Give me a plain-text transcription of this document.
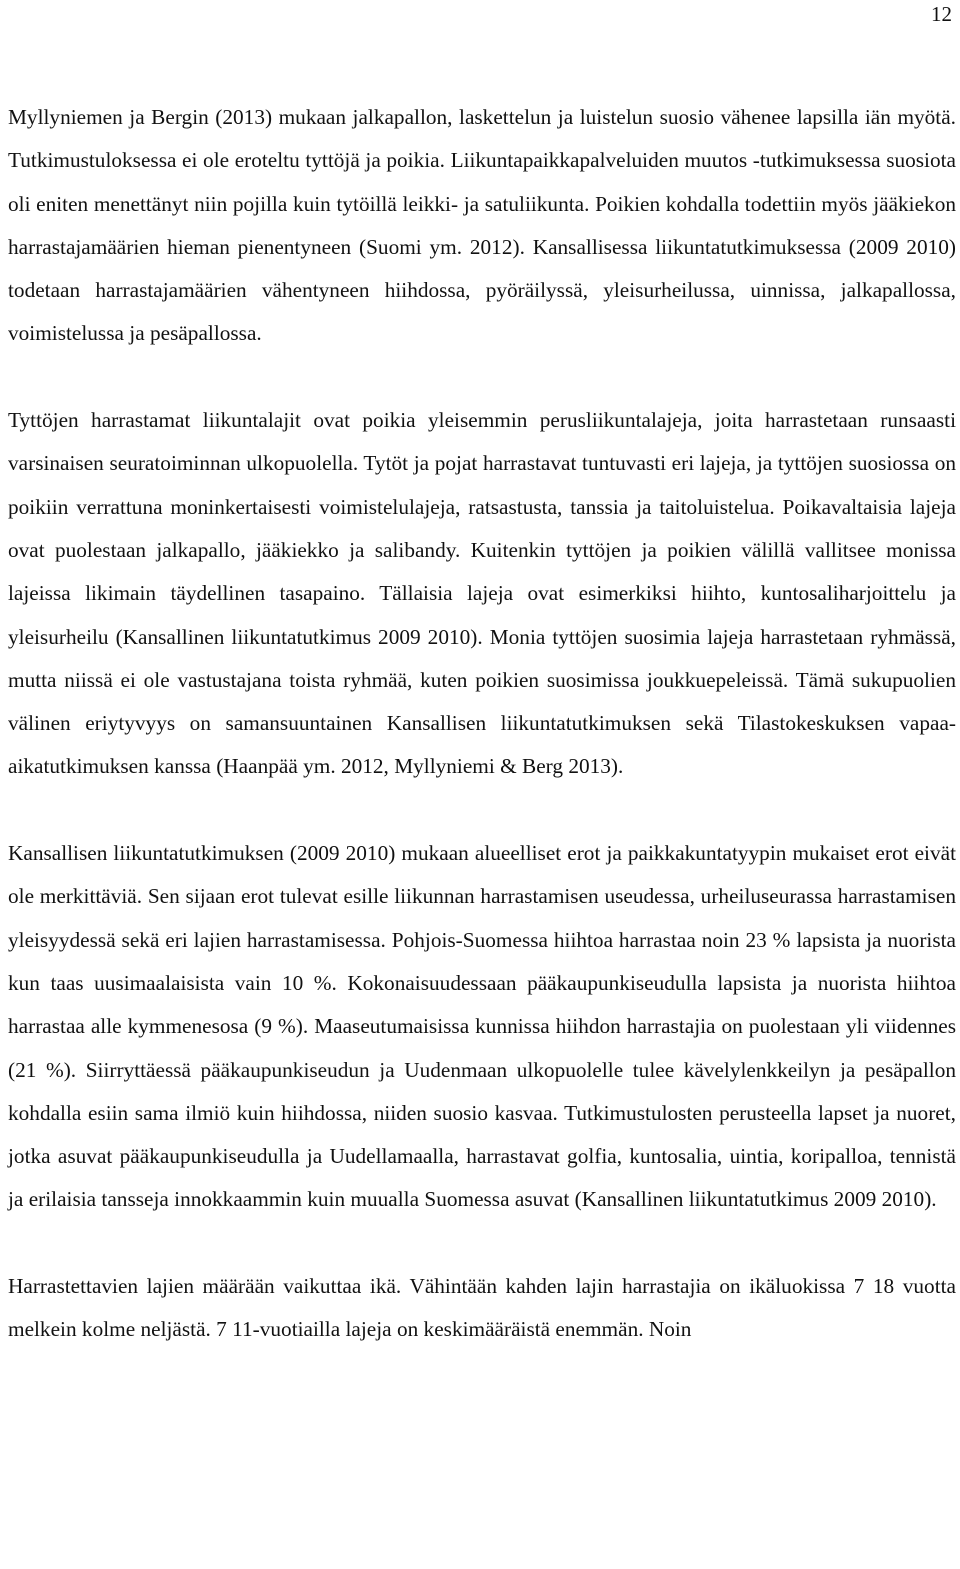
12

Myllyniemen ja Bergin (2013) mukaan jalkapallon, laskettelun ja luistelun suosio vähenee lapsilla iän myötä. Tutkimustuloksessa ei ole eroteltu tyttöjä ja poikia. Liikuntapaikkapalveluiden muutos -tutkimuksessa suosiota oli eniten menettänyt niin pojilla kuin tytöillä leikki- ja satuliikunta. Poikien kohdalla todettiin myös jääkiekon harrastajamäärien hieman pienentyneen (Suomi ym. 2012). Kansallisessa liikuntatutkimuksessa (2009 2010) todetaan harrastajamäärien vähentyneen hiihdossa, pyöräilyssä, yleisurheilussa, uinnissa, jalkapallossa, voimistelussa ja pesäpallossa.

Tyttöjen harrastamat liikuntalajit ovat poikia yleisemmin perusliikuntalajeja, joita harrastetaan runsaasti varsinaisen seuratoiminnan ulkopuolella. Tytöt ja pojat harrastavat tuntuvasti eri lajeja, ja tyttöjen suosiossa on poikiin verrattuna moninkertaisesti voimistelulajeja, ratsastusta, tanssia ja taitoluistelua. Poikavaltaisia lajeja ovat puolestaan jalkapallo, jääkiekko ja salibandy. Kuitenkin tyttöjen ja poikien välillä vallitsee monissa lajeissa likimain täydellinen tasapaino. Tällaisia lajeja ovat esimerkiksi hiihto, kuntosaliharjoittelu ja yleisurheilu (Kansallinen liikuntatutkimus 2009 2010). Monia tyttöjen suosimia lajeja harrastetaan ryhmässä, mutta niissä ei ole vastustajana toista ryhmää, kuten poikien suosimissa joukkuepeleissä. Tämä sukupuolien välinen eriytyvyys on samansuuntainen Kansallisen liikuntatutkimuksen sekä Tilastokeskuksen vapaa-aikatutkimuksen kanssa (Haanpää ym. 2012, Myllyniemi & Berg 2013).

Kansallisen liikuntatutkimuksen (2009 2010) mukaan alueelliset erot ja paikkakuntatyypin mukaiset erot eivät ole merkittäviä. Sen sijaan erot tulevat esille liikunnan harrastamisen useudessa, urheiluseurassa harrastamisen yleisyydessä sekä eri lajien harrastamisessa. Pohjois-Suomessa hiihtoa harrastaa noin 23 % lapsista ja nuorista kun taas uusimaalaisista vain 10 %. Kokonaisuudessaan pääkaupunkiseudulla lapsista ja nuorista hiihtoa harrastaa alle kymmenesosa (9 %). Maaseutumaisissa kunnissa hiihdon harrastajia on puolestaan yli viidennes (21 %). Siirryttäessä pääkaupunkiseudun ja Uudenmaan ulkopuolelle tulee kävelylenkkeilyn ja pesäpallon kohdalla esiin sama ilmiö kuin hiihdossa, niiden suosio kasvaa. Tutkimustulosten perusteella lapset ja nuoret, jotka asuvat pääkaupunkiseudulla ja Uudellamaalla, harrastavat golfia, kuntosalia, uintia, koripalloa, tennistä ja erilaisia tansseja innokkaammin kuin muualla Suomessa asuvat (Kansallinen liikuntatutkimus 2009 2010).

Harrastettavien lajien määrään vaikuttaa ikä. Vähintään kahden lajin harrastajia on ikäluokissa 7 18 vuotta melkein kolme neljästä. 7 11-vuotiailla lajeja on keskimääräistä enemmän. Noin
